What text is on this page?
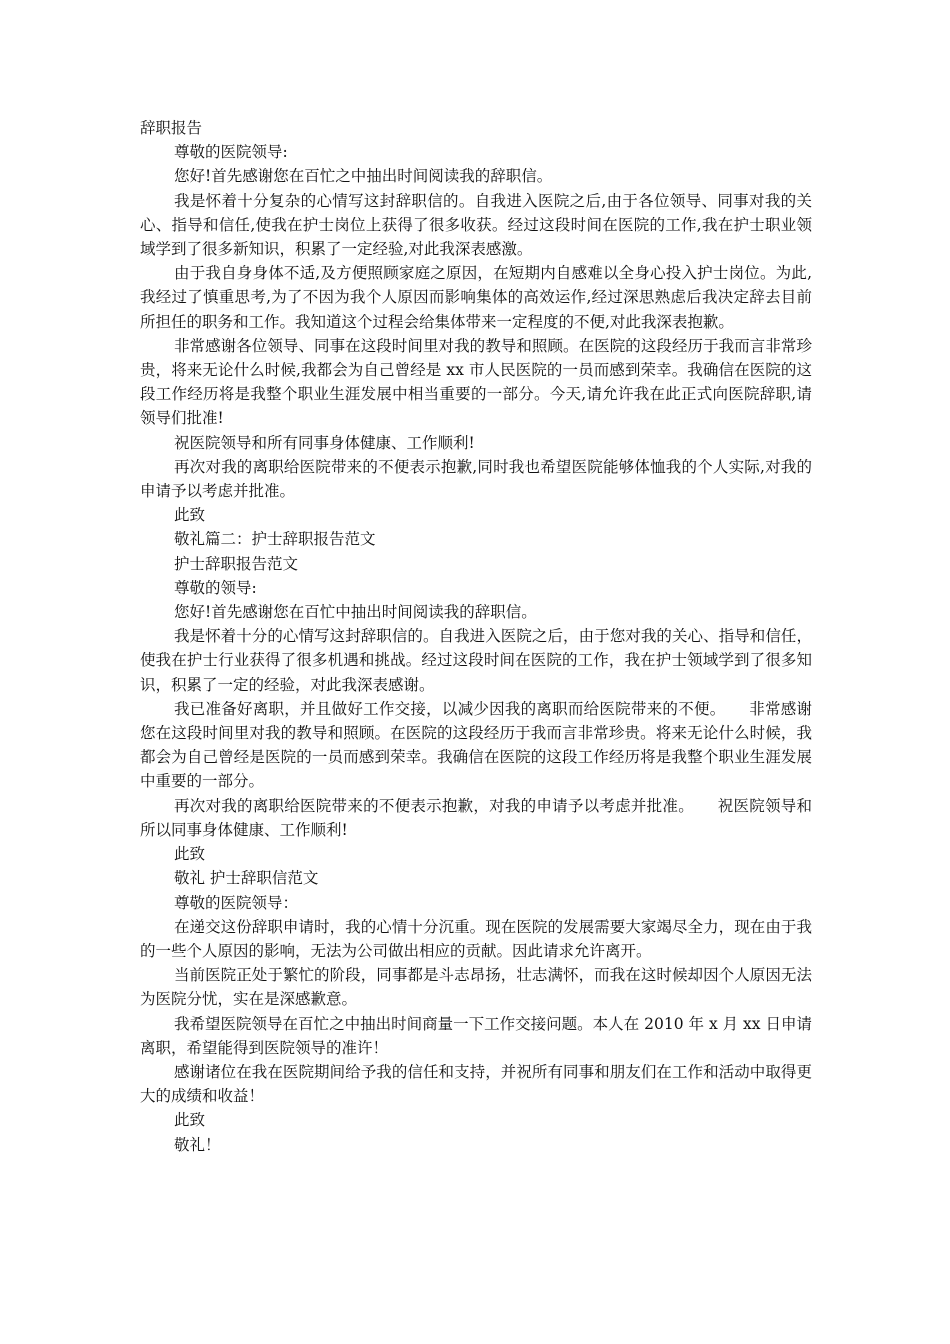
辞职报告
尊敬的医院领导:
您好!首先感谢您在百忙之中抽出时间阅读我的辞职信。
我是怀着十分复杂的心情写这封辞职信的。自我进入医院之后,由于各位领导、同事对我的关心、指导和信任,使我在护士岗位上获得了很多收获。经过这段时间在医院的工作,我在护士职业领域学到了很多新知识，积累了一定经验,对此我深表感激。
由于我自身身体不适,及方便照顾家庭之原因，在短期内自感难以全身心投入护士岗位。为此,我经过了慎重思考,为了不因为我个人原因而影响集体的高效运作,经过深思熟虑后我决定辞去目前所担任的职务和工作。我知道这个过程会给集体带来一定程度的不便,对此我深表抱歉。
非常感谢各位领导、同事在这段时间里对我的教导和照顾。在医院的这段经历于我而言非常珍贵，将来无论什么时候,我都会为自己曾经是 xx 市人民医院的一员而感到荣幸。我确信在医院的这段工作经历将是我整个职业生涯发展中相当重要的一部分。今天,请允许我在此正式向医院辞职,请领导们批准!
祝医院领导和所有同事身体健康、工作顺利!
再次对我的离职给医院带来的不便表示抱歉,同时我也希望医院能够体恤我的个人实际,对我的申请予以考虑并批准。
此致
敬礼篇二：护士辞职报告范文
护士辞职报告范文
尊敬的领导:
您好!首先感谢您在百忙中抽出时间阅读我的辞职信。
我是怀着十分的心情写这封辞职信的。自我进入医院之后，由于您对我的关心、指导和信任，使我在护士行业获得了很多机遇和挑战。经过这段时间在医院的工作，我在护士领域学到了很多知识，积累了一定的经验，对此我深表感谢。
我已准备好离职，并且做好工作交接，以减少因我的离职而给医院带来的不便。　　非常感谢您在这段时间里对我的教导和照顾。在医院的这段经历于我而言非常珍贵。将来无论什么时候，我都会为自己曾经是医院的一员而感到荣幸。我确信在医院的这段工作经历将是我整个职业生涯发展中重要的一部分。
再次对我的离职给医院带来的不便表示抱歉，对我的申请予以考虑并批准。　　祝医院领导和所以同事身体健康、工作顺利!
此致
敬礼 护士辞职信范文
尊敬的医院领导：
在递交这份辞职申请时，我的心情十分沉重。现在医院的发展需要大家竭尽全力，现在由于我的一些个人原因的影响，无法为公司做出相应的贡献。因此请求允许离开。
当前医院正处于繁忙的阶段，同事都是斗志昂扬，壮志满怀，而我在这时候却因个人原因无法为医院分忧，实在是深感歉意。
我希望医院领导在百忙之中抽出时间商量一下工作交接问题。本人在 2010 年 x 月 xx 日申请离职，希望能得到医院领导的准许！
感谢诸位在我在医院期间给予我的信任和支持，并祝所有同事和朋友们在工作和活动中取得更大的成绩和收益！
此致
敬礼！
